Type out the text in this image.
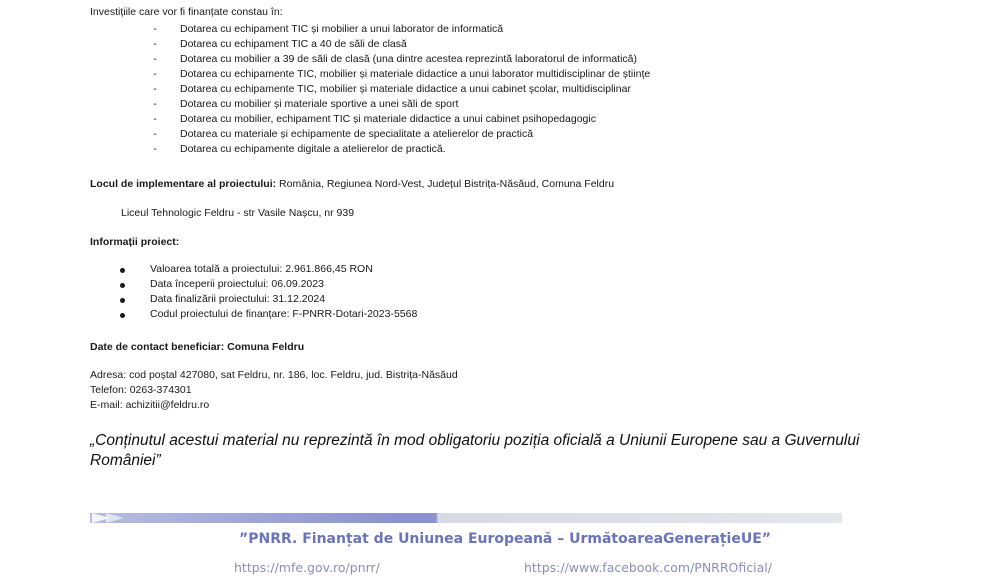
Investițiile care vor fi finanțate constau în:
-	Dotarea cu echipament TIC și mobilier a unui laborator de informatică
-	Dotarea cu echipament TIC a 40 de săli de clasă
-	Dotarea cu mobilier a 39 de săli de clasă (una dintre acestea reprezintă laboratorul de informatică)
-	Dotarea cu echipamente TIC, mobilier și materiale didactice a unui laborator multidisciplinar de științe
-	Dotarea cu echipamente TIC, mobilier și materiale didactice a unui cabinet școlar, multidisciplinar
-	Dotarea cu mobilier și materiale sportive a unei săli de sport
-	Dotarea cu mobilier, echipament TIC și materiale didactice a unui cabinet psihopedagogic
-	Dotarea cu materiale și echipamente de specialitate a atelierelor de practică
-	Dotarea cu echipamente digitale a atelierelor de practică.
Locul de implementare al proiectului: România, Regiunea Nord-Vest, Județul Bistrița-Năsăud, Comuna Feldru
Liceul Tehnologic Feldru - str Vasile Nașcu, nr 939
Informații proiect:
Valoarea totală a proiectului: 2.961.866,45 RON
Data începerii proiectului: 06.09.2023
Data finalizării proiectului: 31.12.2024
Codul proiectului de finanțare: F-PNRR-Dotari-2023-5568
Date de contact beneficiar: Comuna Feldru
Adresa: cod poștal 427080, sat Feldru, nr. 186, loc. Feldru, jud. Bistrița-Năsăud
Telefon: 0263-374301
E-mail: achizitii@feldru.ro
„Conținutul acestui material nu reprezintă în mod obligatoriu poziția oficială a Uniunii Europene sau a Guvernului
României”
”PNRR. Finanțat de Uniunea Europeană – UrmătoareaGenerațieUE”
https://mfe.gov.ro/pnrr/	https://www.facebook.com/PNRROficial/
